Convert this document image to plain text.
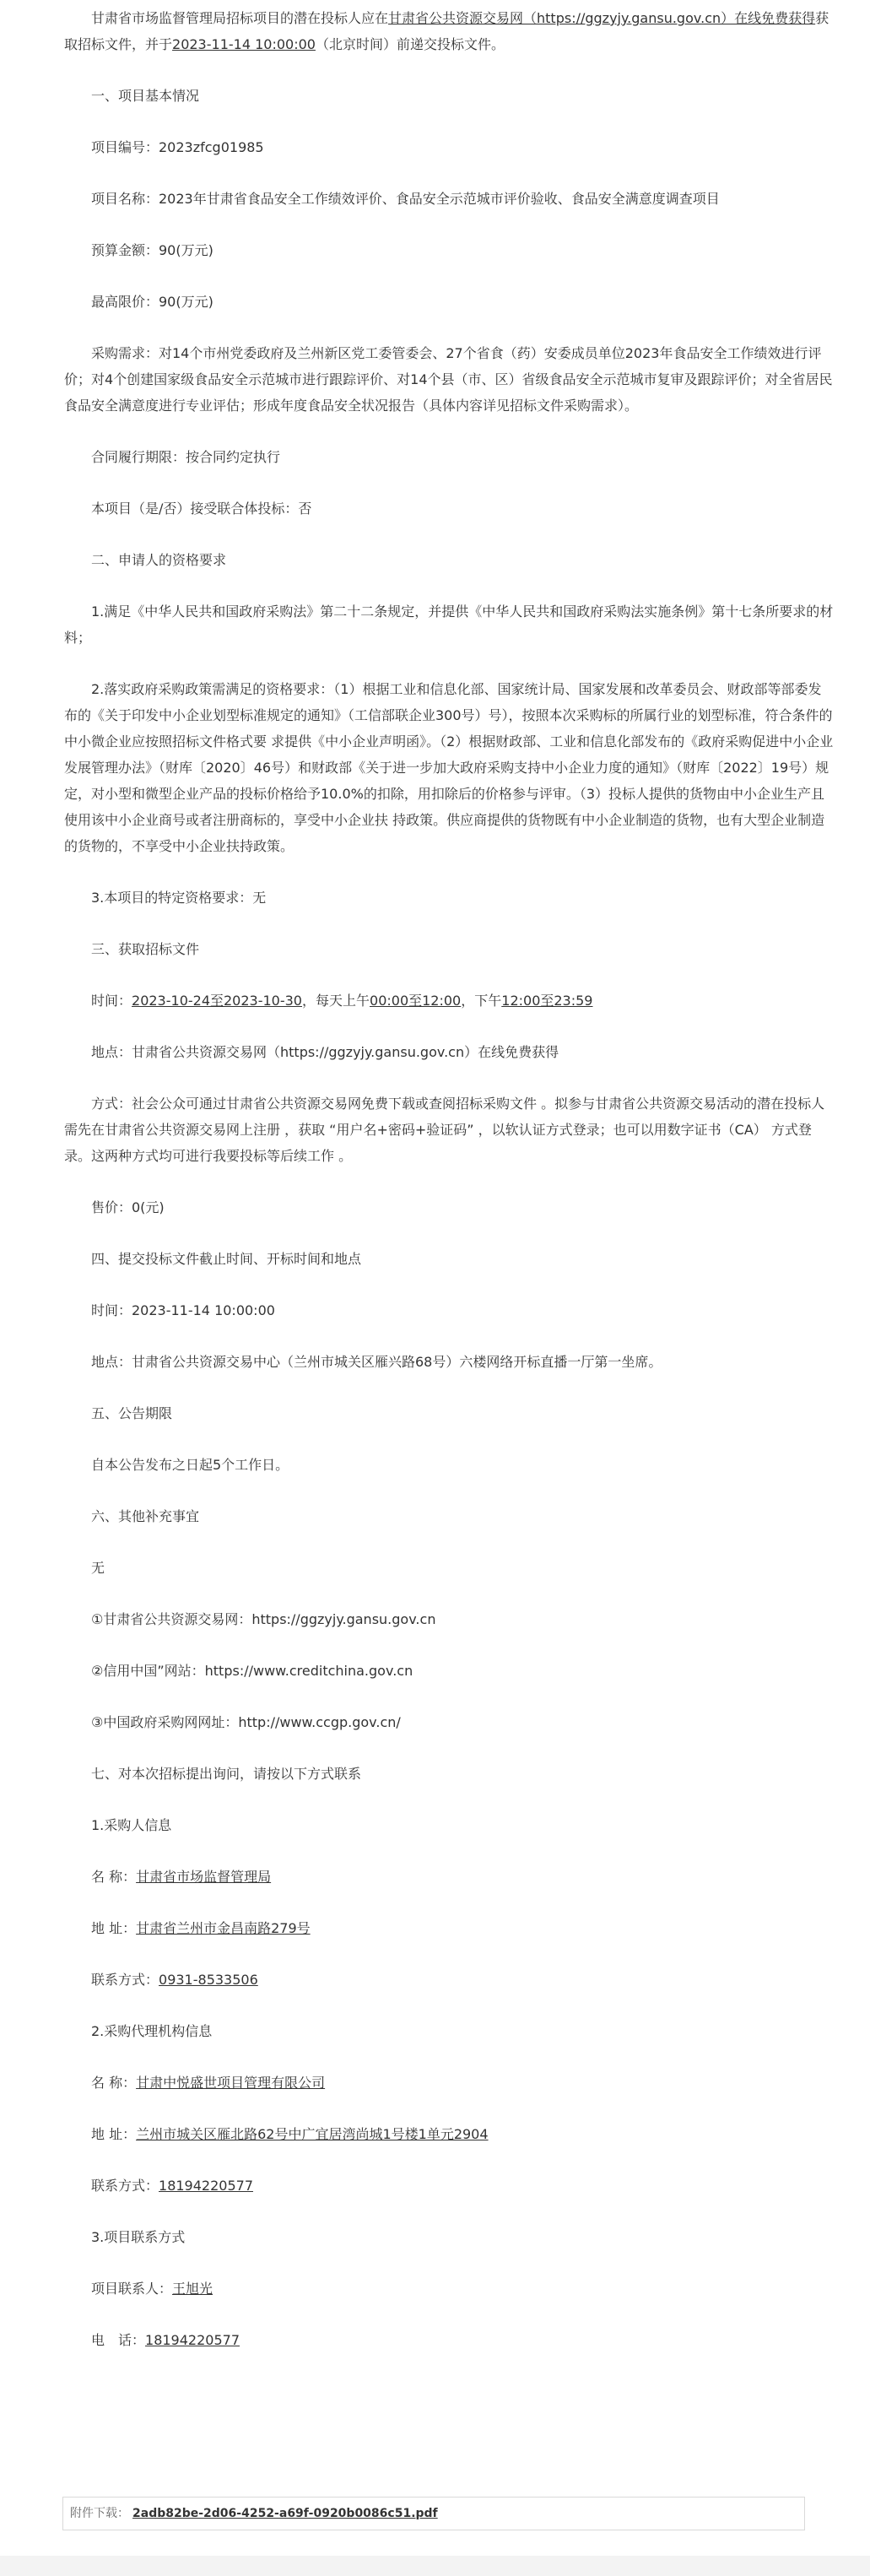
甘肃省市场监督管理局招标项目的潜在投标人应在甘肃省公共资源交易网（https://ggzyjy.gansu.gov.cn）在线免费获得获取招标文件，并于2023-11-14 10:00:00（北京时间）前递交投标文件。
一、项目基本情况
项目编号：2023zfcg01985
项目名称：2023年甘肃省食品安全工作绩效评价、食品安全示范城市评价验收、食品安全满意度调查项目
预算金额：90(万元)
最高限价：90(万元)
采购需求：对14个市州党委政府及兰州新区党工委管委会、27个省食（药）安委成员单位2023年食品安全工作绩效进行评价；对4个创建国家级食品安全示范城市进行跟踪评价、对14个县（市、区）省级食品安全示范城市复审及跟踪评价；对全省居民食品安全满意度进行专业评估；形成年度食品安全状况报告（具体内容详见招标文件采购需求）。
合同履行期限：按合同约定执行
本项目（是/否）接受联合体投标：否
二、申请人的资格要求
1.满足《中华人民共和国政府采购法》第二十二条规定，并提供《中华人民共和国政府采购法实施条例》第十七条所要求的材料；
2.落实政府采购政策需满足的资格要求：（1）根据工业和信息化部、国家统计局、国家发展和改革委员会、财政部等部委发布的《关于印发中小企业划型标准规定的通知》（工信部联企业300号）号），按照本次采购标的所属行业的划型标准，符合条件的中小微企业应按照招标文件格式要 求提供《中小企业声明函》。（2）根据财政部、工业和信息化部发布的《政府采购促进中小企业发展管理办法》（财库〔2020〕46号）和财政部《关于进一步加大政府采购支持中小企业力度的通知》（财库〔2022〕19号）规定，对小型和微型企业产品的投标价格给予10.0%的扣除，用扣除后的价格参与评审。（3）投标人提供的货物由中小企业生产且使用该中小企业商号或者注册商标的，享受中小企业扶 持政策。供应商提供的货物既有中小企业制造的货物，也有大型企业制造的货物的，不享受中小企业扶持政策。
3.本项目的特定资格要求：无
三、获取招标文件
时间：2023-10-24至2023-10-30，每天上午00:00至12:00，下午12:00至23:59
地点：甘肃省公共资源交易网（https://ggzyjy.gansu.gov.cn）在线免费获得
方式：社会公众可通过甘肃省公共资源交易网免费下载或查阅招标采购文件 。拟参与甘肃省公共资源交易活动的潜在投标人需先在甘肃省公共资源交易网上注册 ，获取 “用户名+密码+验证码” ，以软认证方式登录；也可以用数字证书（CA） 方式登录。这两种方式均可进行我要投标等后续工作 。
售价：0(元)
四、提交投标文件截止时间、开标时间和地点
时间：2023-11-14 10:00:00
地点：甘肃省公共资源交易中心（兰州市城关区雁兴路68号）六楼网络开标直播一厅第一坐席。
五、公告期限
自本公告发布之日起5个工作日。
六、其他补充事宜
无
①甘肃省公共资源交易网：https://ggzyjy.gansu.gov.cn
②信用中国”网站：https://www.creditchina.gov.cn
③中国政府采购网网址：http://www.ccgp.gov.cn/
七、对本次招标提出询问，请按以下方式联系
1.采购人信息
名 称：甘肃省市场监督管理局
地 址：甘肃省兰州市金昌南路279号
联系方式：0931-8533506
2.采购代理机构信息
名 称：甘肃中悦盛世项目管理有限公司
地 址：兰州市城关区雁北路62号中广宜居湾尚城1号楼1单元2904
联系方式：18194220577
3.项目联系方式
项目联系人：王旭光
电　话：18194220577
附件下载： 2adb82be-2d06-4252-a69f-0920b0086c51.pdf
